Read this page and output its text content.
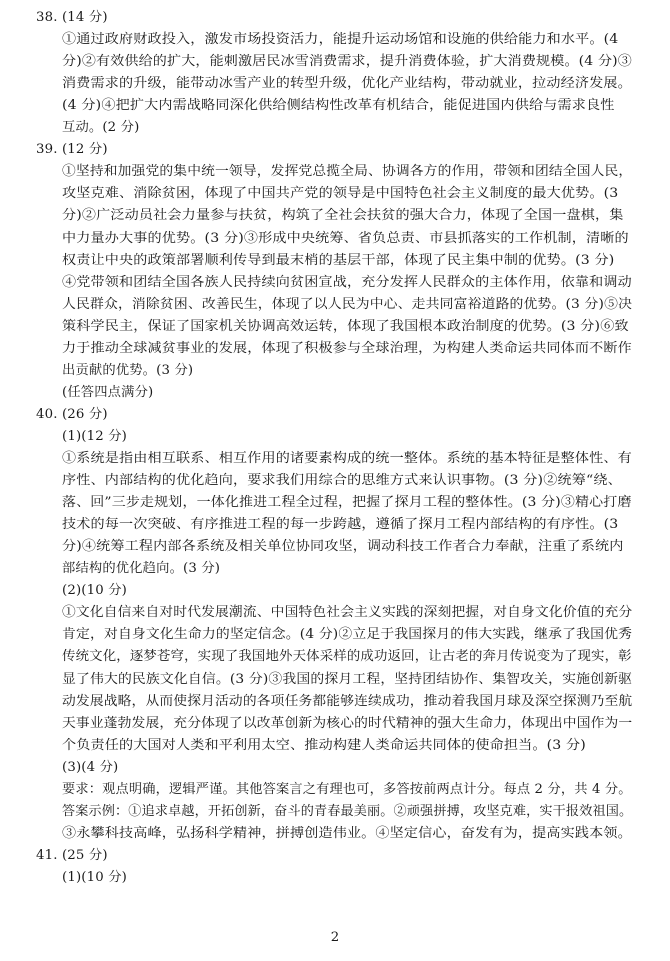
38. (14 分)
①通过政府财政投入，激发市场投资活力，能提升运动场馆和设施的供给能力和水平。(4
分)②有效供给的扩大，能刺激居民冰雪消费需求，提升消费体验，扩大消费规模。(4 分)③
消费需求的升级，能带动冰雪产业的转型升级，优化产业结构，带动就业，拉动经济发展。
(4 分)④把扩大内需战略同深化供给侧结构性改革有机结合，能促进国内供给与需求良性
互动。(2 分)
39. (12 分)
①坚持和加强党的集中统一领导，发挥党总揽全局、协调各方的作用，带领和团结全国人民，
攻坚克难、消除贫困，体现了中国共产党的领导是中国特色社会主义制度的最大优势。(3
分)②广泛动员社会力量参与扶贫，构筑了全社会扶贫的强大合力，体现了全国一盘棋，集
中力量办大事的优势。(3 分)③形成中央统筹、省负总责、市县抓落实的工作机制，清晰的
权责让中央的政策部署顺利传导到最末梢的基层干部，体现了民主集中制的优势。(3 分)
④党带领和团结全国各族人民持续向贫困宣战，充分发挥人民群众的主体作用，依靠和调动
人民群众，消除贫困、改善民生，体现了以人民为中心、走共同富裕道路的优势。(3 分)⑤决
策科学民主，保证了国家机关协调高效运转，体现了我国根本政治制度的优势。(3 分)⑥致
力于推动全球减贫事业的发展，体现了积极参与全球治理，为构建人类命运共同体而不断作
出贡献的优势。(3 分)
(任答四点满分)
40. (26 分)
(1)(12 分)
①系统是指由相互联系、相互作用的诸要素构成的统一整体。系统的基本特征是整体性、有
序性、内部结构的优化趋向，要求我们用综合的思维方式来认识事物。(3 分)②统筹“绕、
落、回”三步走规划，一体化推进工程全过程，把握了探月工程的整体性。(3 分)③精心打磨
技术的每一次突破、有序推进工程的每一步跨越，遵循了探月工程内部结构的有序性。(3
分)④统筹工程内部各系统及相关单位协同攻坚，调动科技工作者合力奉献，注重了系统内
部结构的优化趋向。(3 分)
(2)(10 分)
①文化自信来自对时代发展潮流、中国特色社会主义实践的深刻把握，对自身文化价值的充分
肯定，对自身文化生命力的坚定信念。(4 分)②立足于我国探月的伟大实践，继承了我国优秀
传统文化，逐梦苍穹，实现了我国地外天体采样的成功返回，让古老的奔月传说变为了现实，彰
显了伟大的民族文化自信。(3 分)③我国的探月工程，坚持团结协作、集智攻关，实施创新驱
动发展战略，从而使探月活动的各项任务都能够连续成功，推动着我国月球及深空探测乃至航
天事业蓬勃发展，充分体现了以改革创新为核心的时代精神的强大生命力，体现出中国作为一
个负责任的大国对人类和平利用太空、推动构建人类命运共同体的使命担当。(3 分)
(3)(4 分)
要求：观点明确，逻辑严谨。其他答案言之有理也可，多答按前两点计分。每点 2 分，共 4 分。
答案示例：①追求卓越，开拓创新，奋斗的青春最美丽。②顽强拼搏，攻坚克难，实干报效祖国。
③永攀科技高峰，弘扬科学精神，拼搏创造伟业。④坚定信心，奋发有为，提高实践本领。
41. (25 分)
(1)(10 分)
2
